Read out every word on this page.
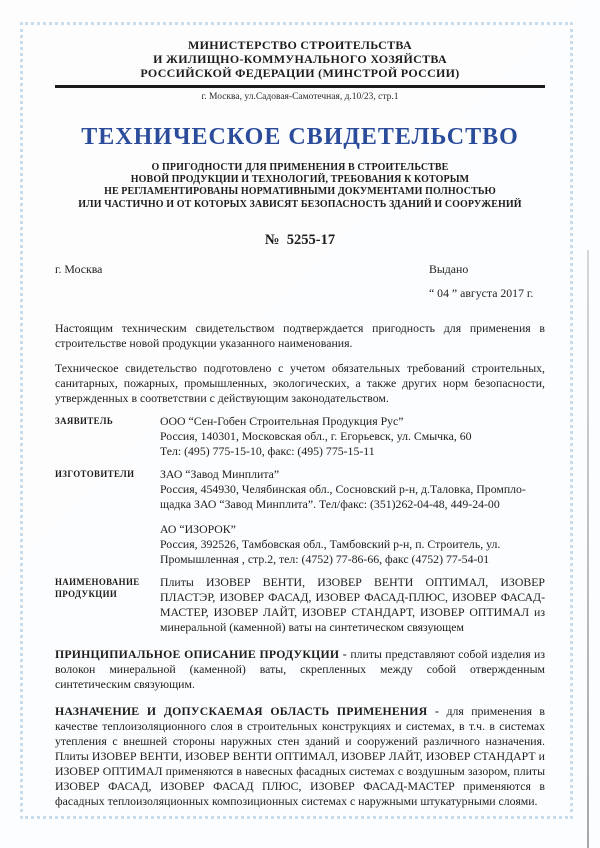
МИНИСТЕРСТВО СТРОИТЕЛЬСТВА
И ЖИЛИЩНО-КОММУНАЛЬНОГО ХОЗЯЙСТВА
РОССИЙСКОЙ ФЕДЕРАЦИИ (МИНСТРОЙ РОССИИ)
г. Москва, ул.Садовая-Самотечная, д.10/23, стр.1
ТЕХНИЧЕСКОЕ СВИДЕТЕЛЬСТВО
О ПРИГОДНОСТИ ДЛЯ ПРИМЕНЕНИЯ В СТРОИТЕЛЬСТВЕ
НОВОЙ ПРОДУКЦИИ И ТЕХНОЛОГИЙ, ТРЕБОВАНИЯ К КОТОРЫМ
НЕ РЕГЛАМЕНТИРОВАНЫ НОРМАТИВНЫМИ ДОКУМЕНТАМИ ПОЛНОСТЬЮ
ИЛИ ЧАСТИЧНО И ОТ КОТОРЫХ ЗАВИСЯТ БЕЗОПАСНОСТЬ ЗДАНИЙ И СООРУЖЕНИЙ
№  5255-17
г. Москва	Выдано
“ 04 ” августа 2017 г.

Настоящим техническим свидетельством подтверждается пригодность для применения в строительстве новой продукции указанного наименования.

Техническое свидетельство подготовлено с учетом обязательных требований строительных, санитарных, пожарных, промышленных, экологических, а также других норм безопасности, утвержденных в соответствии с действующим законодательством.

ЗАЯВИТЕЛЬ	ООО “Сен-Гобен Строительная Продукция Рус”
Россия, 140301, Московская обл., г. Егорьевск, ул. Смычка, 60
Тел: (495) 775-15-10, факс: (495) 775-15-11
ИЗГОТОВИТЕЛИ	ЗАО “Завод Минплита”
Россия, 454930, Челябинская обл., Сосновский р-н, д.Таловка, Промпло-
щадка ЗАО “Завод Минплита”. Тел/факс: (351)262-04-48, 449-24-00
АО “ИЗОРОК”
Россия, 392526, Тамбовская обл., Тамбовский р-н, п. Строитель, ул.
Промышленная , стр.2, тел: (4752) 77-86-66, факс (4752) 77-54-01
НАИМЕНОВАНИЕ ПРОДУКЦИИ
Плиты ИЗОВЕР ВЕНТИ, ИЗОВЕР ВЕНТИ ОПТИМАЛ, ИЗОВЕР ПЛАСТЭР, ИЗОВЕР ФАСАД, ИЗОВЕР ФАСАД-ПЛЮС, ИЗОВЕР ФАСАД-МАСТЕР, ИЗОВЕР ЛАЙТ, ИЗОВЕР СТАНДАРТ, ИЗОВЕР ОПТИМАЛ из минеральной (каменной) ваты на синтетическом связующем

ПРИНЦИПИАЛЬНОЕ ОПИСАНИЕ ПРОДУКЦИИ - плиты представляют собой изделия из волокон минеральной (каменной) ваты, скрепленных между собой отвержденным синтетическим связующим.

НАЗНАЧЕНИЕ И ДОПУСКАЕМАЯ ОБЛАСТЬ ПРИМЕНЕНИЯ - для применения в качестве теплоизоляционного слоя в строительных конструкциях и системах, в т.ч. в системах утепления с внешней стороны наружных стен зданий и сооружений различного назначения. Плиты ИЗОВЕР ВЕНТИ, ИЗОВЕР ВЕНТИ ОПТИМАЛ, ИЗОВЕР ЛАЙТ, ИЗОВЕР СТАНДАРТ и ИЗОВЕР ОПТИМАЛ применяются в навесных фасадных системах с воздушным зазором, плиты ИЗОВЕР ФАСАД, ИЗОВЕР ФАСАД ПЛЮС, ИЗОВЕР ФАСАД-МАСТЕР применяются в фасадных теплоизоляционных композиционных системах с наружными штукатурными слоями.
